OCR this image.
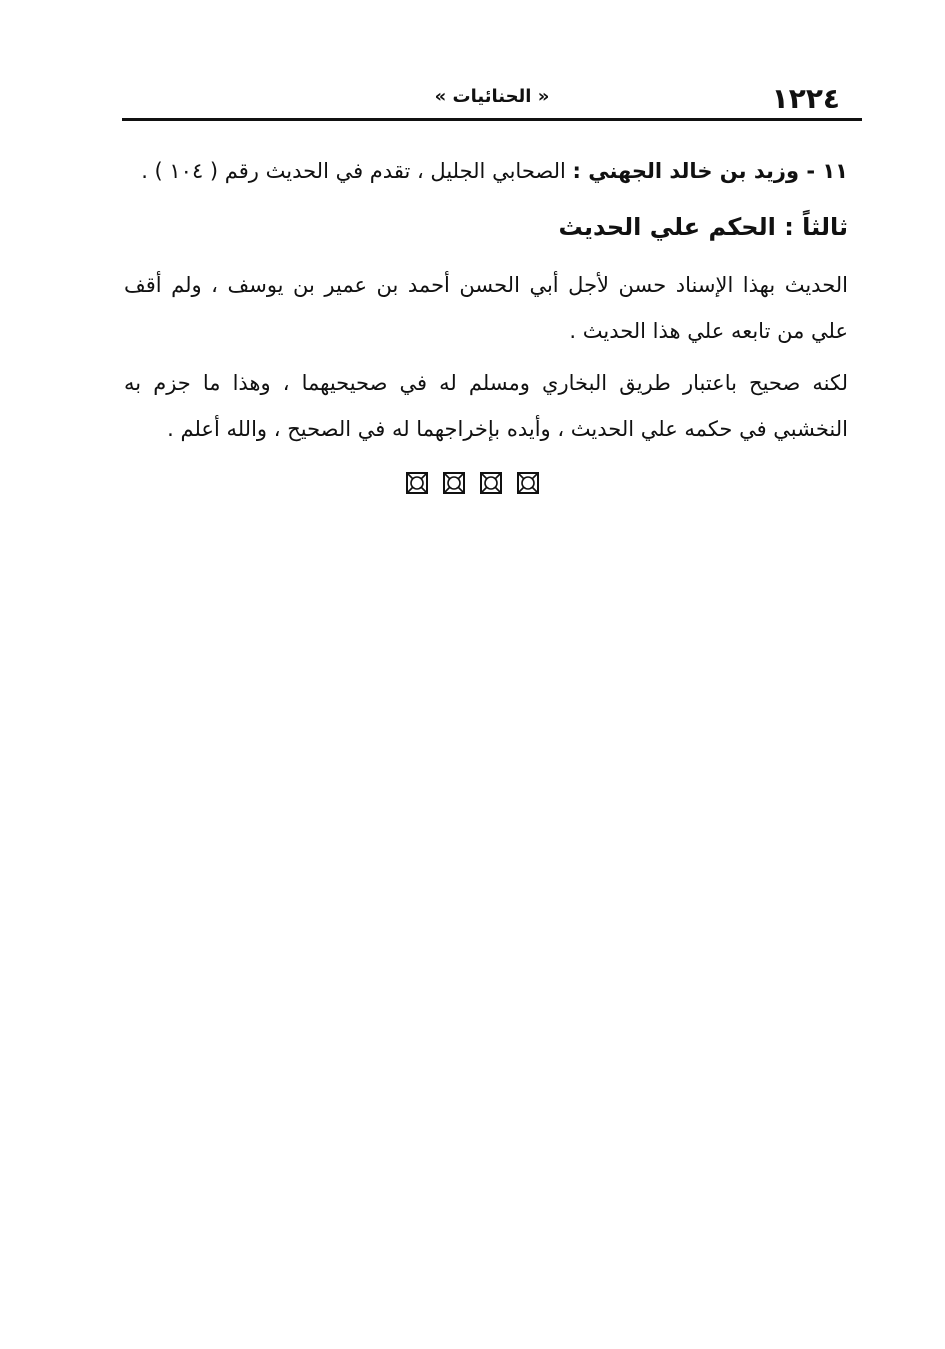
١٢٢٤
« الحنائيات »

١١ - وزيد بن خالد الجهني : الصحابي الجليل ، تقدم في الحديث رقم ( ١٠٤ ) .

ثالثاً : الحكم علي الحديث

الحديث بهذا الإسناد حسن لأجل أبي الحسن أحمد بن عمير بن يوسف ، ولم أقف علي من تابعه علي هذا الحديث .

لكنه صحيح باعتبار طريق البخاري ومسلم له في صحيحيهما ، وهذا ما جزم به النخشبي في حكمه علي الحديث ، وأيده بإخراجهما له في الصحيح ، والله أعلم .
